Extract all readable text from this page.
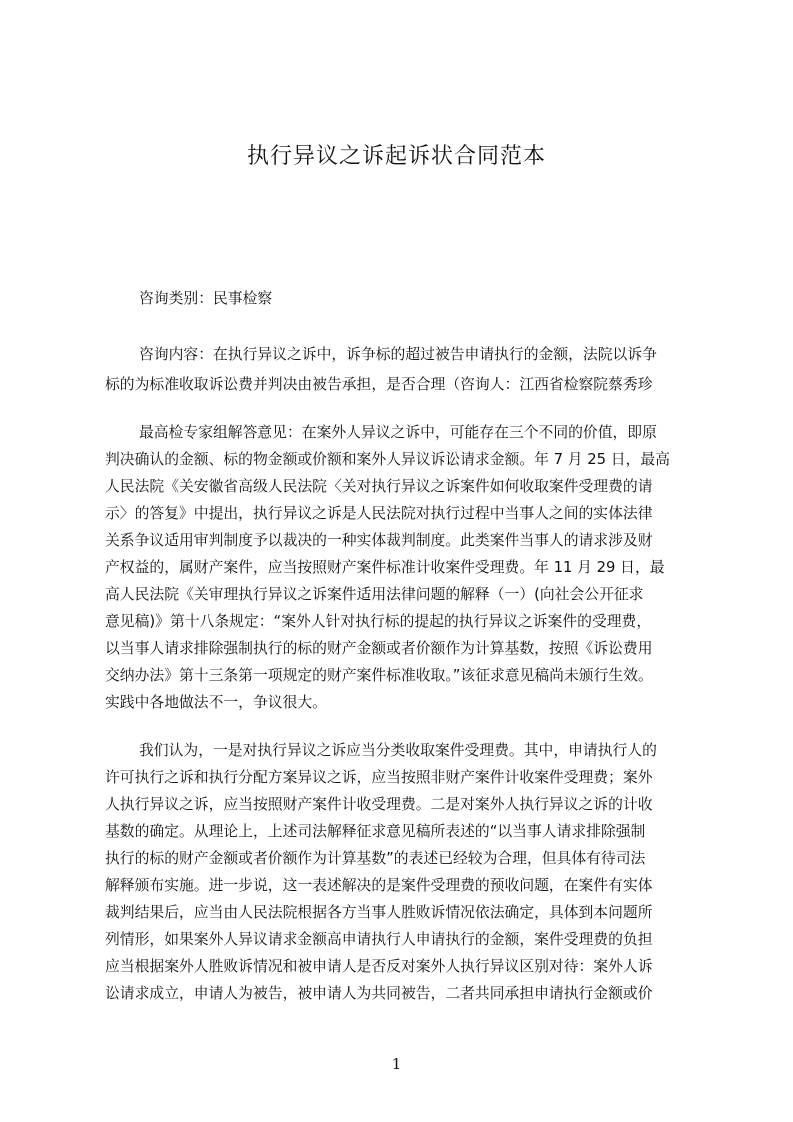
执行异议之诉起诉状合同范本
咨询类别：民事检察
咨询内容：在执行异议之诉中，诉争标的超过被告申请执行的金额，法院以诉争
标的为标准收取诉讼费并判决由被告承担，是否合理（咨询人：江西省检察院蔡秀珍
最高检专家组解答意见：在案外人异议之诉中，可能存在三个不同的价值，即原
判决确认的金额、标的物金额或价额和案外人异议诉讼请求金额。年 7 月 25 日，最高
人民法院《关安徽省高级人民法院〈关对执行异议之诉案件如何收取案件受理费的请
示〉的答复》中提出，执行异议之诉是人民法院对执行过程中当事人之间的实体法律
关系争议适用审判制度予以裁决的一种实体裁判制度。此类案件当事人的请求涉及财
产权益的，属财产案件，应当按照财产案件标准计收案件受理费。年 11 月 29 日，最
高人民法院《关审理执行异议之诉案件适用法律问题的解释（一）(向社会公开征求
意见稿)》第十八条规定：“案外人针对执行标的提起的执行异议之诉案件的受理费，
以当事人请求排除强制执行的标的财产金额或者价额作为计算基数，按照《诉讼费用
交纳办法》第十三条第一项规定的财产案件标准收取。”该征求意见稿尚未颁行生效。
实践中各地做法不一，争议很大。
我们认为，一是对执行异议之诉应当分类收取案件受理费。其中，申请执行人的
许可执行之诉和执行分配方案异议之诉，应当按照非财产案件计收案件受理费；案外
人执行异议之诉，应当按照财产案件计收受理费。二是对案外人执行异议之诉的计收
基数的确定。从理论上，上述司法解释征求意见稿所表述的“以当事人请求排除强制
执行的标的财产金额或者价额作为计算基数”的表述已经较为合理，但具体有待司法
解释颁布实施。进一步说，这一表述解决的是案件受理费的预收问题，在案件有实体
裁判结果后，应当由人民法院根据各方当事人胜败诉情况依法确定，具体到本问题所
列情形，如果案外人异议请求金额高申请执行人申请执行的金额，案件受理费的负担
应当根据案外人胜败诉情况和被申请人是否反对案外人执行异议区别对待：案外人诉
讼请求成立，申请人为被告，被申请人为共同被告，二者共同承担申请执行金额或价
1
